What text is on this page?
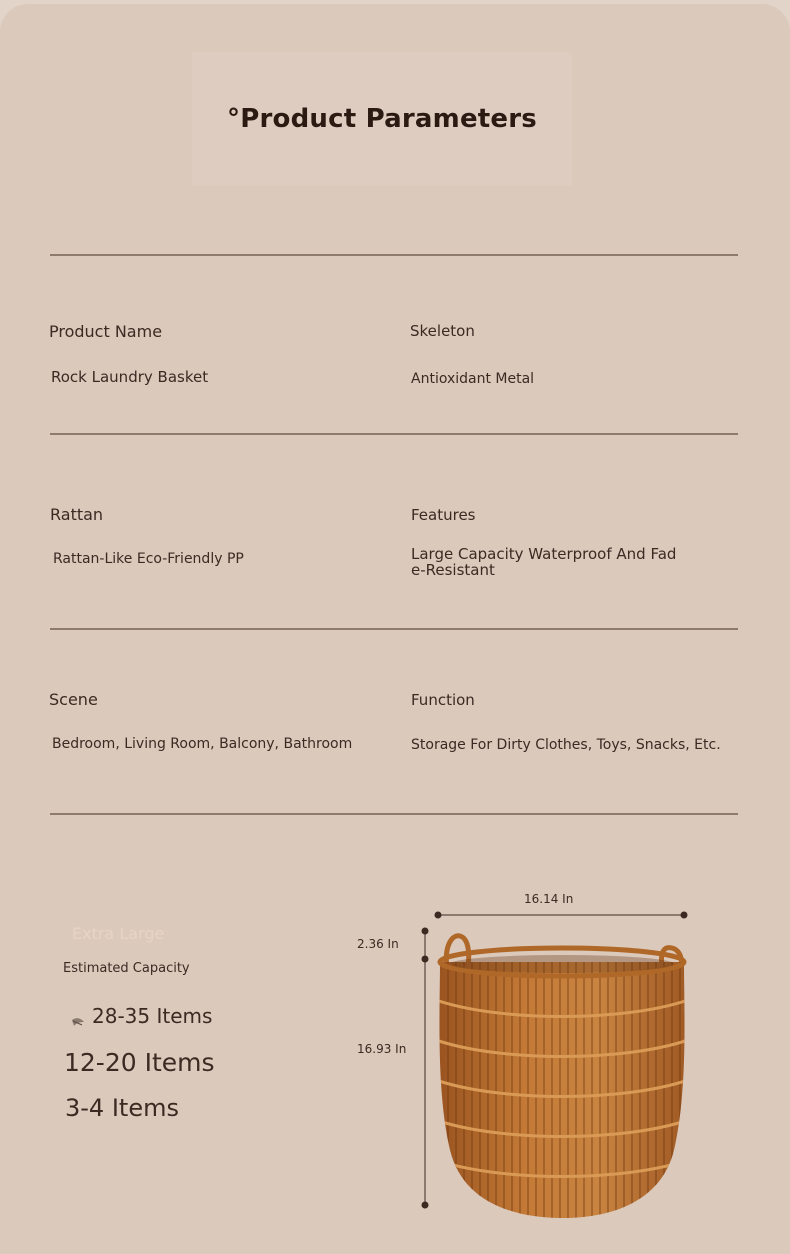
°Product Parameters
Product Name
Rock Laundry Basket
Skeleton
Antioxidant Metal
Rattan
Rattan-Like Eco-Friendly PP
Features
Large Capacity Waterproof And Fad
e-Resistant
Scene
Bedroom, Living Room, Balcony, Bathroom
Function
Storage For Dirty Clothes, Toys, Snacks, Etc.
Extra Large
Estimated Capacity
28-35 Items
12-20 Items
3-4 Items
16.14 In
2.36 In
16.93 In
